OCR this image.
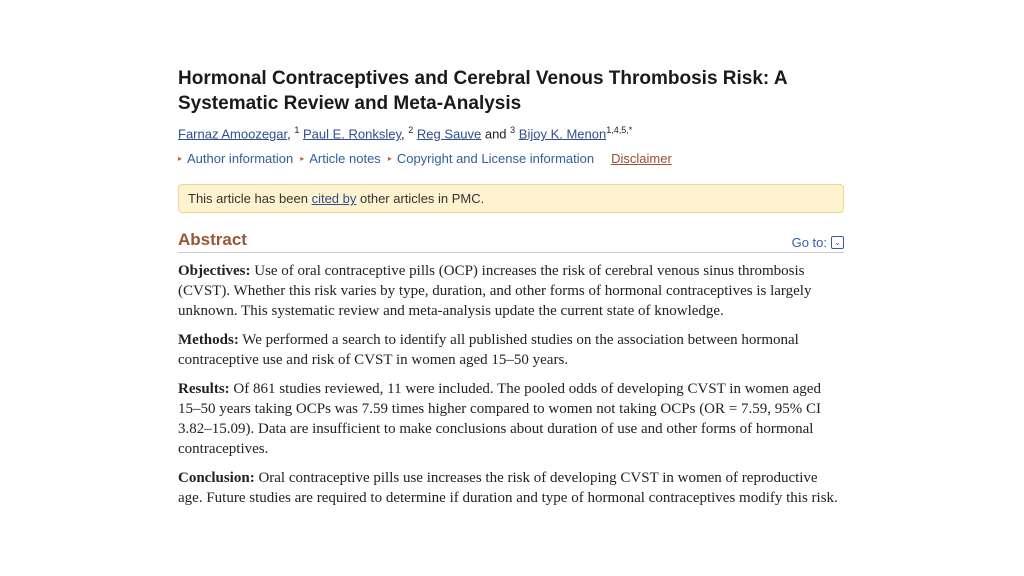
Hormonal Contraceptives and Cerebral Venous Thrombosis Risk: A Systematic Review and Meta-Analysis
Farnaz Amoozegar, $^1$ Paul E. Ronksley, $^2$ Reg Sauve and $^3$ Bijoy K. Menon$^{1,4,5,*}$
▸ Author information ▸ Article notes ▸ Copyright and License information Disclaimer
This article has been cited by other articles in PMC.
Abstract	Go to: ⌄

Objectives: Use of oral contraceptive pills (OCP) increases the risk of cerebral venous sinus thrombosis (CVST). Whether this risk varies by type, duration, and other forms of hormonal contraceptives is largely unknown. This systematic review and meta-analysis update the current state of knowledge.

Methods: We performed a search to identify all published studies on the association between hormonal contraceptive use and risk of CVST in women aged 15–50 years.

Results: Of 861 studies reviewed, 11 were included. The pooled odds of developing CVST in women aged 15–50 years taking OCPs was 7.59 times higher compared to women not taking OCPs (OR = 7.59, 95% CI 3.82–15.09). Data are insufficient to make conclusions about duration of use and other forms of hormonal contraceptives.

Conclusion: Oral contraceptive pills use increases the risk of developing CVST in women of reproductive age. Future studies are required to determine if duration and type of hormonal contraceptives modify this risk.
